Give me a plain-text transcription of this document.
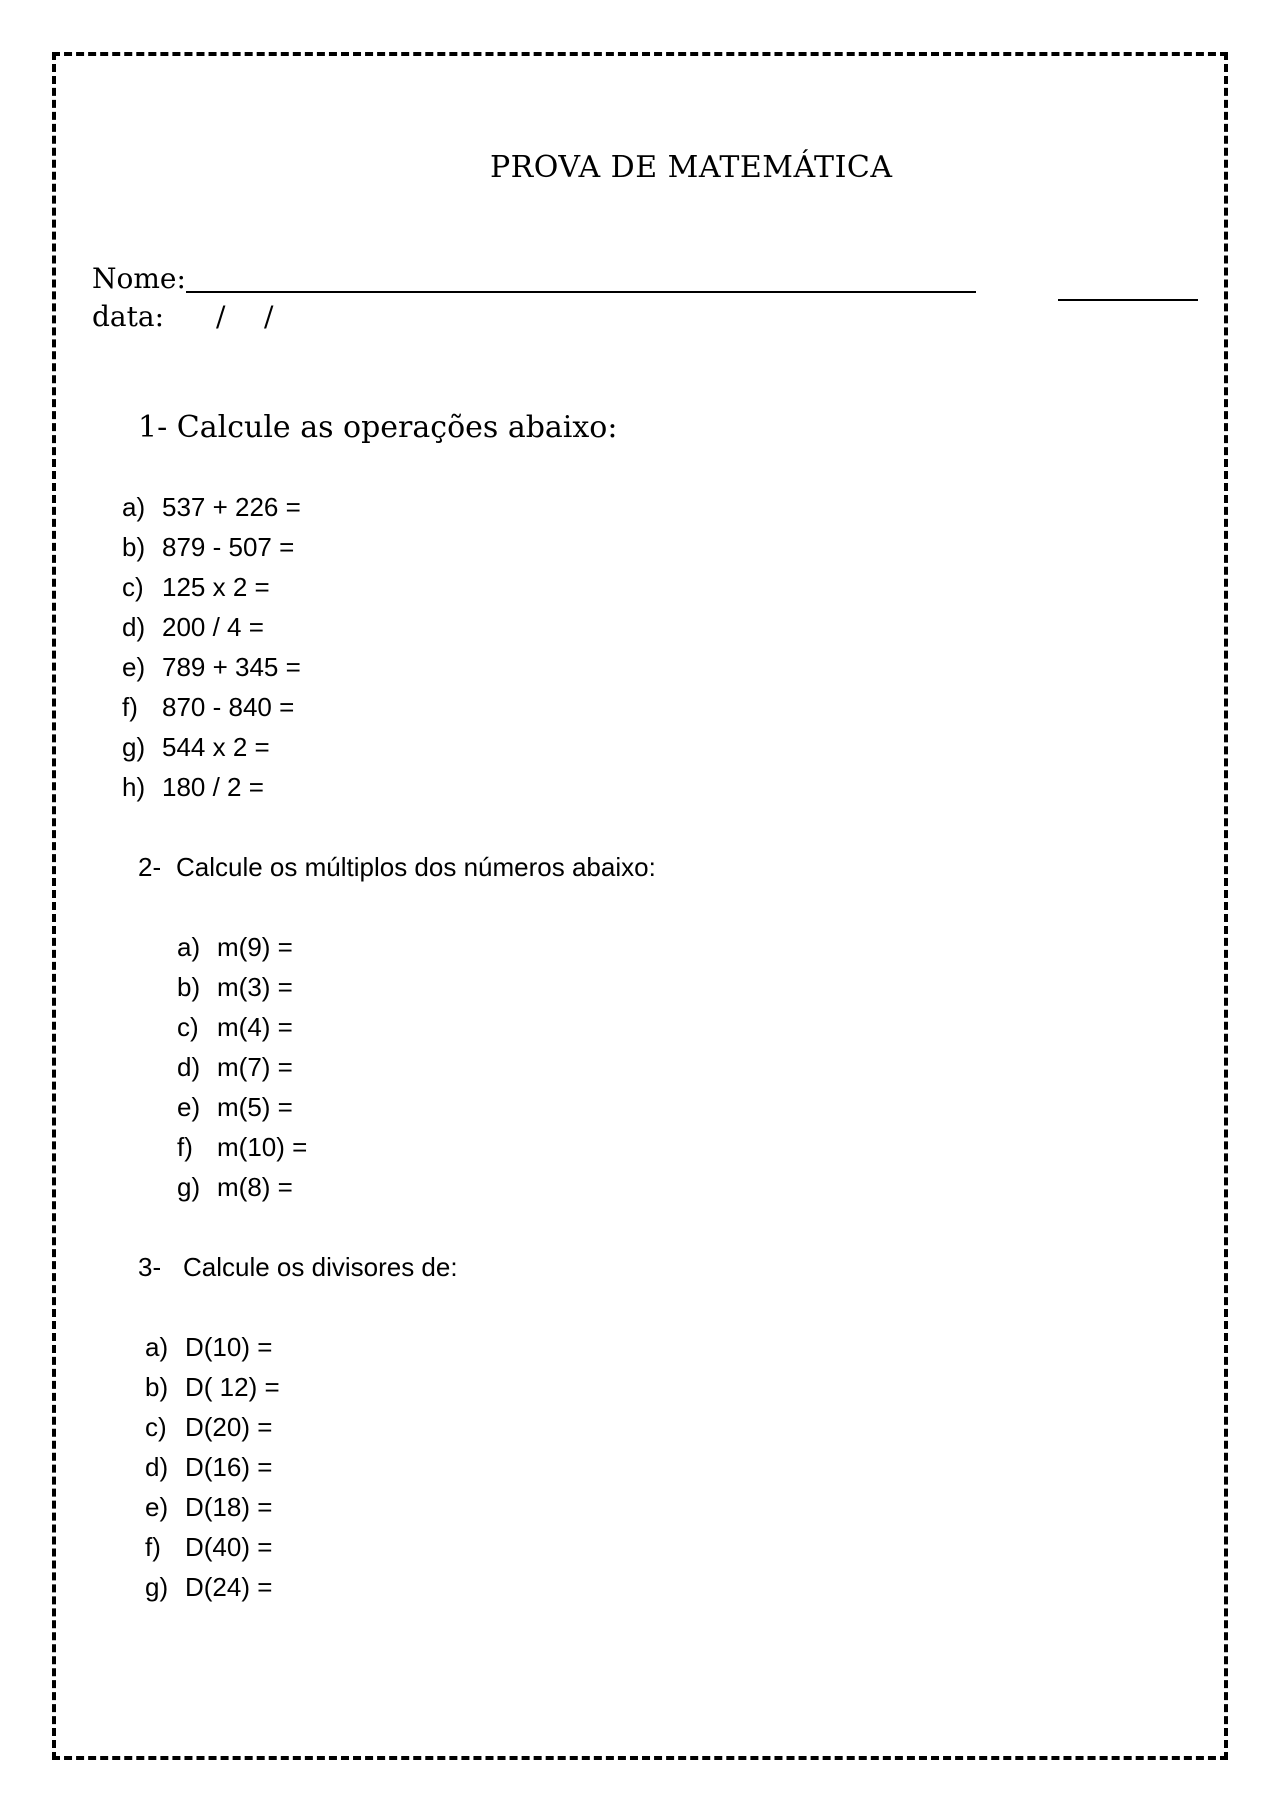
PROVA DE MATEMÁTICA
Nome:
data: / /
1- Calcule as operações abaixo:
a) 537 + 226 =
b) 879 - 507 =
c) 125 x 2 =
d) 200 / 4 =
e) 789 + 345 =
f) 870 - 840 =
g) 544 x 2 =
h) 180 / 2 =
2- Calcule os múltiplos dos números abaixo:
a) m(9) =
b) m(3) =
c) m(4) =
d) m(7) =
e) m(5) =
f) m(10) =
g) m(8) =
3- Calcule os divisores de:
a) D(10) =
b) D( 12) =
c) D(20) =
d) D(16) =
e) D(18) =
f) D(40) =
g) D(24) =
